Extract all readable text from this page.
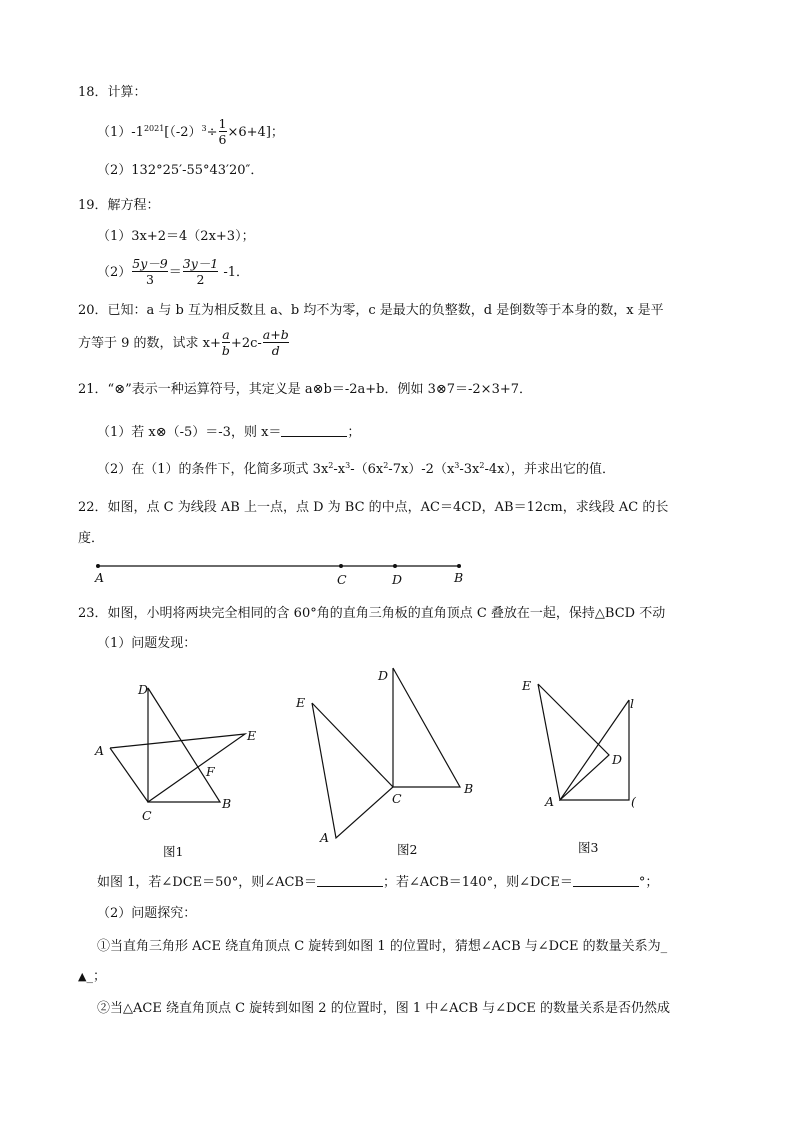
18．计算：
$(1)-1^{2021}[(-2)^3\div \frac{1}{6} \times 6+4]$；
（2）132°25′-55°43′20″．
19．解方程：
（1）3x+2＝4（2x+3）；
$(2) \frac{5y-9}{3} = \frac{3y-1}{2} -1$．
20．已知：a 与 b 互为相反数且 a、b 均不为零，c 是最大的负整数，d 是倒数等于本身的数，x 是平
方等于 9 的数，试求 $x+ \frac{a}{b} +2c- \frac{a+b}{d}$
21．“⊗”表示一种运算符号，其定义是 a⊗b＝-2a+b．例如 3⊗7＝-2×3+7．
（1）若 x⊗（-5）＝-3，则 x＝	；
（2）在（1）的条件下，化简多项式 $3x^2-x^3-(6x^2-7x)-2(x^3-3x^2-4x)$，并求出它的值．
22．如图，点 C 为线段 AB 上一点，点 D 为 BC 的中点，AC＝4CD，AB＝12cm，求线段 AC 的长
度．
A	C	D	B
23．如图，小明将两块完全相同的含 60°角的直角三角板的直角顶点 C 叠放在一起，保持△BCD 不动
（1）问题发现：
D
A
E
F
C
B
图1
D
E
C
B
A
图2
E
l
D
A	(
图3
如图 1，若∠DCE＝50°，则∠ACB＝	；若∠ACB＝140°，则∠DCE＝	°；
（2）问题探究：
①当直角三角形 ACE 绕直角顶点 C 旋转到如图 1 的位置时，猜想∠ACB 与∠DCE 的数量关系为_
▲_；
②当△ACE 绕直角顶点 C 旋转到如图 2 的位置时，图 1 中∠ACB 与∠DCE 的数量关系是否仍然成
